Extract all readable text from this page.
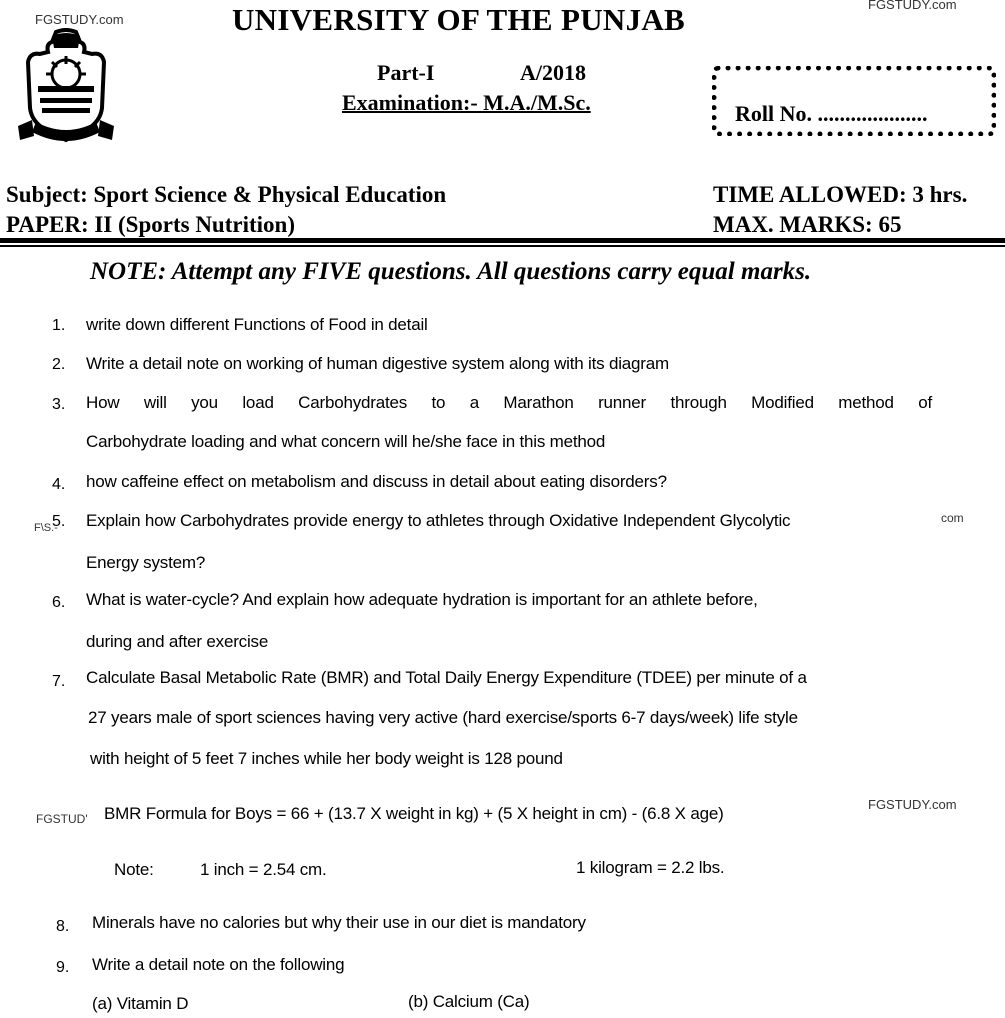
FGSTUDY.com
FGSTUDY.com
UNIVERSITY OF THE PUNJAB
Part-I	A/2018
Examination:- M.A./M.Sc.	Roll No. ....................
Subject: Sport Science & Physical Education
PAPER: II (Sports Nutrition)
TIME ALLOWED: 3 hrs.
MAX. MARKS: 65
NOTE: Attempt any FIVE questions. All questions carry equal marks.
1. write down different Functions of Food in detail
2. Write a detail note on working of human digestive system along with its diagram
3. How will you load Carbohydrates to a Marathon runner through Modified method of
Carbohydrate loading and what concern will he/she face in this method
4. how caffeine effect on metabolism and discuss in detail about eating disorders?
F\S.‐
5. Explain how Carbohydrates provide energy to athletes through Oxidative Independent Glycolytic	com
Energy system?
6. What is water-cycle? And explain how adequate hydration is important for an athlete before,
during and after exercise
7. Calculate Basal Metabolic Rate (BMR) and Total Daily Energy Expenditure (TDEE) per minute of a
27 years male of sport sciences having very active (hard exercise/sports 6-7 days/week) life style
with height of 5 feet 7 inches while her body weight is 128 pound
FGSTUD' BMR Formula for Boys = 66 + (13.7 X weight in kg) + (5 X height in cm) - (6.8 X age)	FGSTUDY.com
Note:	1 inch = 2.54 cm.	1 kilogram = 2.2 lbs.
8. Minerals have no calories but why their use in our diet is mandatory
9. Write a detail note on the following
(a) Vitamin D	(b) Calcium (Ca)
